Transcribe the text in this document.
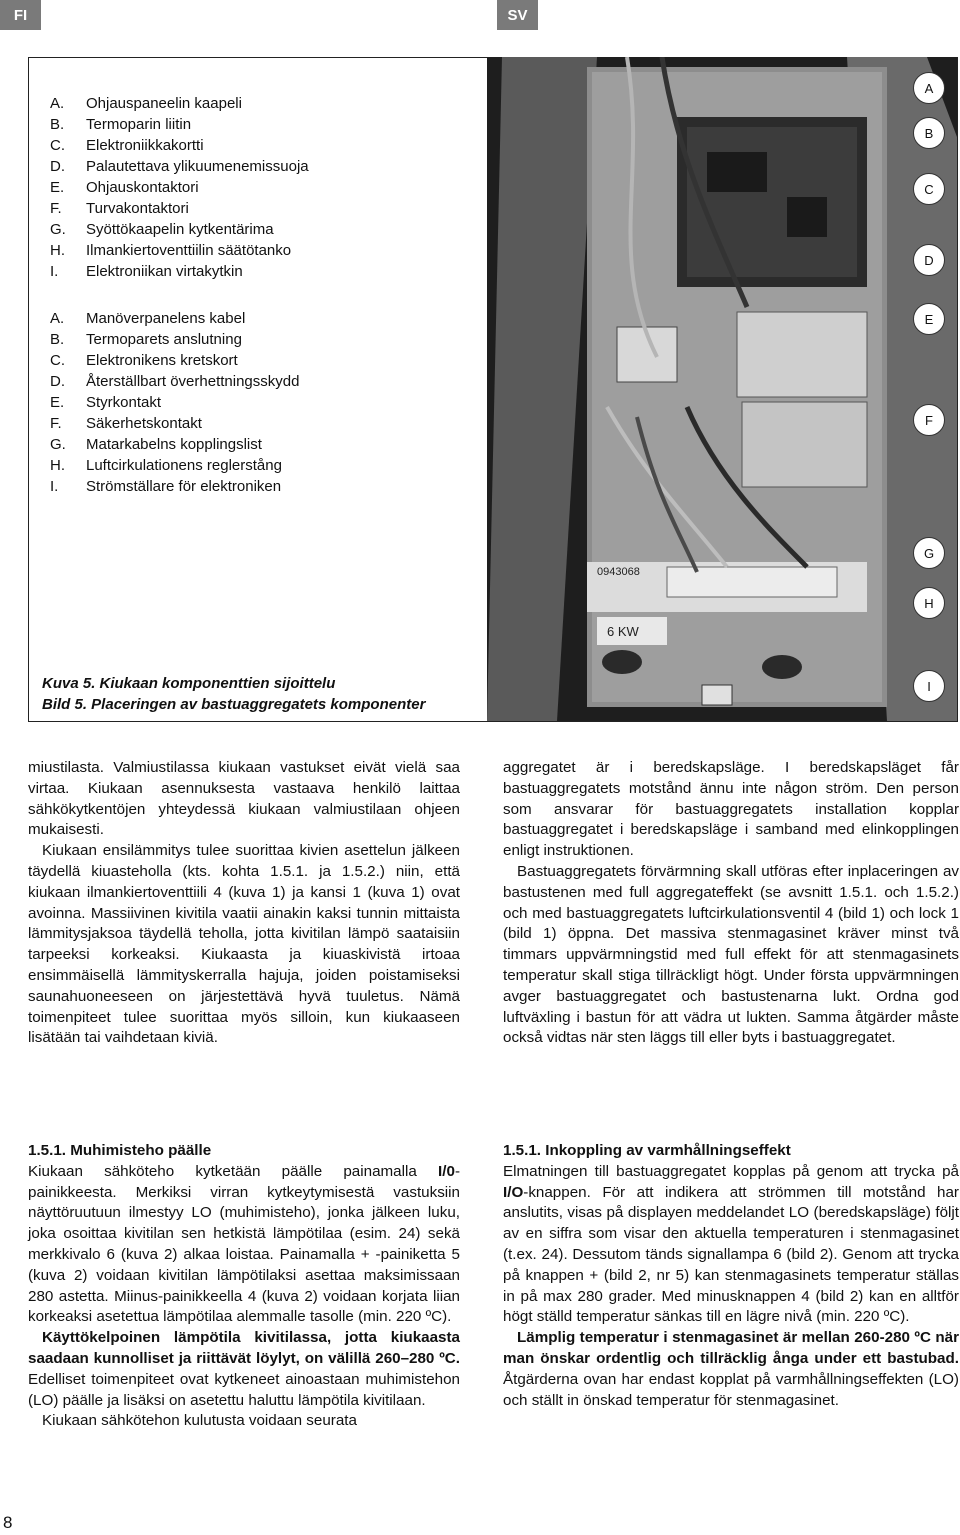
FI	SV
A.	Ohjauspaneelin kaapeli
B.	Termoparin liitin
C.	Elektroniikkakortti
D.	Palautettava ylikuumenemissuoja
E.	Ohjauskontaktori
F.	Turvakontaktori
G.	Syöttökaapelin kytkentärima
H.	Ilmankiertoventtiilin säätötanko
I.	Elektroniikan virtakytkin
A.	Manöverpanelens kabel
B.	Termoparets anslutning
C.	Elektronikens kretskort
D.	Återställbart överhettningsskydd
E.	Styrkontakt
F.	Säkerhetskontakt
G.	Matarkabelns kopplingslist
H.	Luftcirkulationens reglerstång
I.	Strömställare för elektroniken
Kuva 5. Kiukaan komponenttien sijoittelu
Bild 5. Placeringen av bastuaggregatets komponenter
0943068
6 KW
A
B
C
D
E
F
G
H
I

miustilasta. Valmiustilassa kiukaan vastukset eivät vielä saa virtaa. Kiukaan asennuksesta vastaava henkilö laittaa sähkökytkentöjen yhteydessä kiukaan valmiustilaan ohjeen mukaisesti.

Kiukaan ensilämmitys tulee suorittaa kivien asettelun jälkeen täydellä kiuasteholla (kts. kohta 1.5.1. ja 1.5.2.) niin, että kiukaan ilmankiertoventtiili 4 (kuva 1) ja kansi 1 (kuva 1) ovat avoinna. Massiivinen kivitila vaatii ainakin kaksi tunnin mittaista lämmitysjaksoa täydellä teholla, jotta kivitilan lämpö saataisiin tarpeeksi korkeaksi. Kiukaasta ja kiuaskivistä irtoaa ensimmäisellä lämmityskerralla hajuja, joiden poistamiseksi saunahuoneeseen on järjestettävä hyvä tuuletus. Nämä toimenpiteet tulee suorittaa myös silloin, kun kiukaaseen lisätään tai vaihdetaan kiviä.

1.5.1. Muhimisteho päälle

Kiukaan sähköteho kytketään päälle painamalla I/0-painikkeesta. Merkiksi virran kytkeytymisestä vastuksiin näyttöruutuun ilmestyy LO (muhimisteho), jonka jälkeen luku, joka osoittaa kivitilan sen hetkistä lämpötilaa (esim. 24) sekä merkkivalo 6 (kuva 2) alkaa loistaa. Painamalla + -painiketta 5 (kuva 2) voidaan kivitilan lämpötilaksi asettaa maksimissaan 280 astetta. Miinus-painikkeella 4 (kuva 2) voidaan korjata liian korkeaksi asetettua lämpötilaa alemmalle tasolle (min. 220 ºC).

Käyttökelpoinen lämpötila kivitilassa, jotta kiukaasta saadaan kunnolliset ja riittävät löylyt, on välillä 260–280 ºC. Edelliset toimenpiteet ovat kytkeneet ainoastaan muhimistehon (LO) päälle ja lisäksi on asetettu haluttu lämpötila kivitilaan.

Kiukaan sähkötehon kulutusta voidaan seurata

aggregatet är i beredskapsläge. I beredskapsläget får bastuaggregatets motstånd ännu inte någon ström. Den person som ansvarar för bastuaggregatets installation kopplar bastuaggregatet i beredskapsläge i samband med elinkopplingen enligt instruktionen.

Bastuaggregatets förvärmning skall utföras efter inplaceringen av bastustenen med full aggregateffekt (se avsnitt 1.5.1. och 1.5.2.) och med bastuaggregatets luftcirkulationsventil 4 (bild 1) och lock 1 (bild 1) öppna. Det massiva stenmagasinet kräver minst två timmars uppvärmningstid med full effekt för att stenmagasinets temperatur skall stiga tillräckligt högt. Under första uppvärmningen avger bastuaggregatet och bastustenarna lukt. Ordna god luftväxling i bastun för att vädra ut lukten. Samma åtgärder måste också vidtas när sten läggs till eller byts i bastuaggregatet.

1.5.1. Inkoppling av varmhållningseffekt

Elmatningen till bastuaggregatet kopplas på genom att trycka på I/O-knappen. För att indikera att strömmen till motstånd har anslutits, visas på displayen meddelandet LO (beredskapsläge) följt av en siffra som visar den aktuella temperaturen i stenmagasinet (t.ex. 24). Dessutom tänds signallampa 6 (bild 2). Genom att trycka på knappen + (bild 2, nr 5) kan stenmagasinets temperatur ställas in på max 280 grader. Med minusknappen 4 (bild 2) kan en alltför högt ställd temperatur sänkas till en lägre nivå (min. 220 ºC).

Lämplig temperatur i stenmagasinet är mellan 260-280 ºC när man önskar ordentlig och tillräcklig ånga under ett bastubad. Åtgärderna ovan har endast kopplat på varmhållningseffekten (LO) och ställt in önskad temperatur för stenmagasinet.

8
